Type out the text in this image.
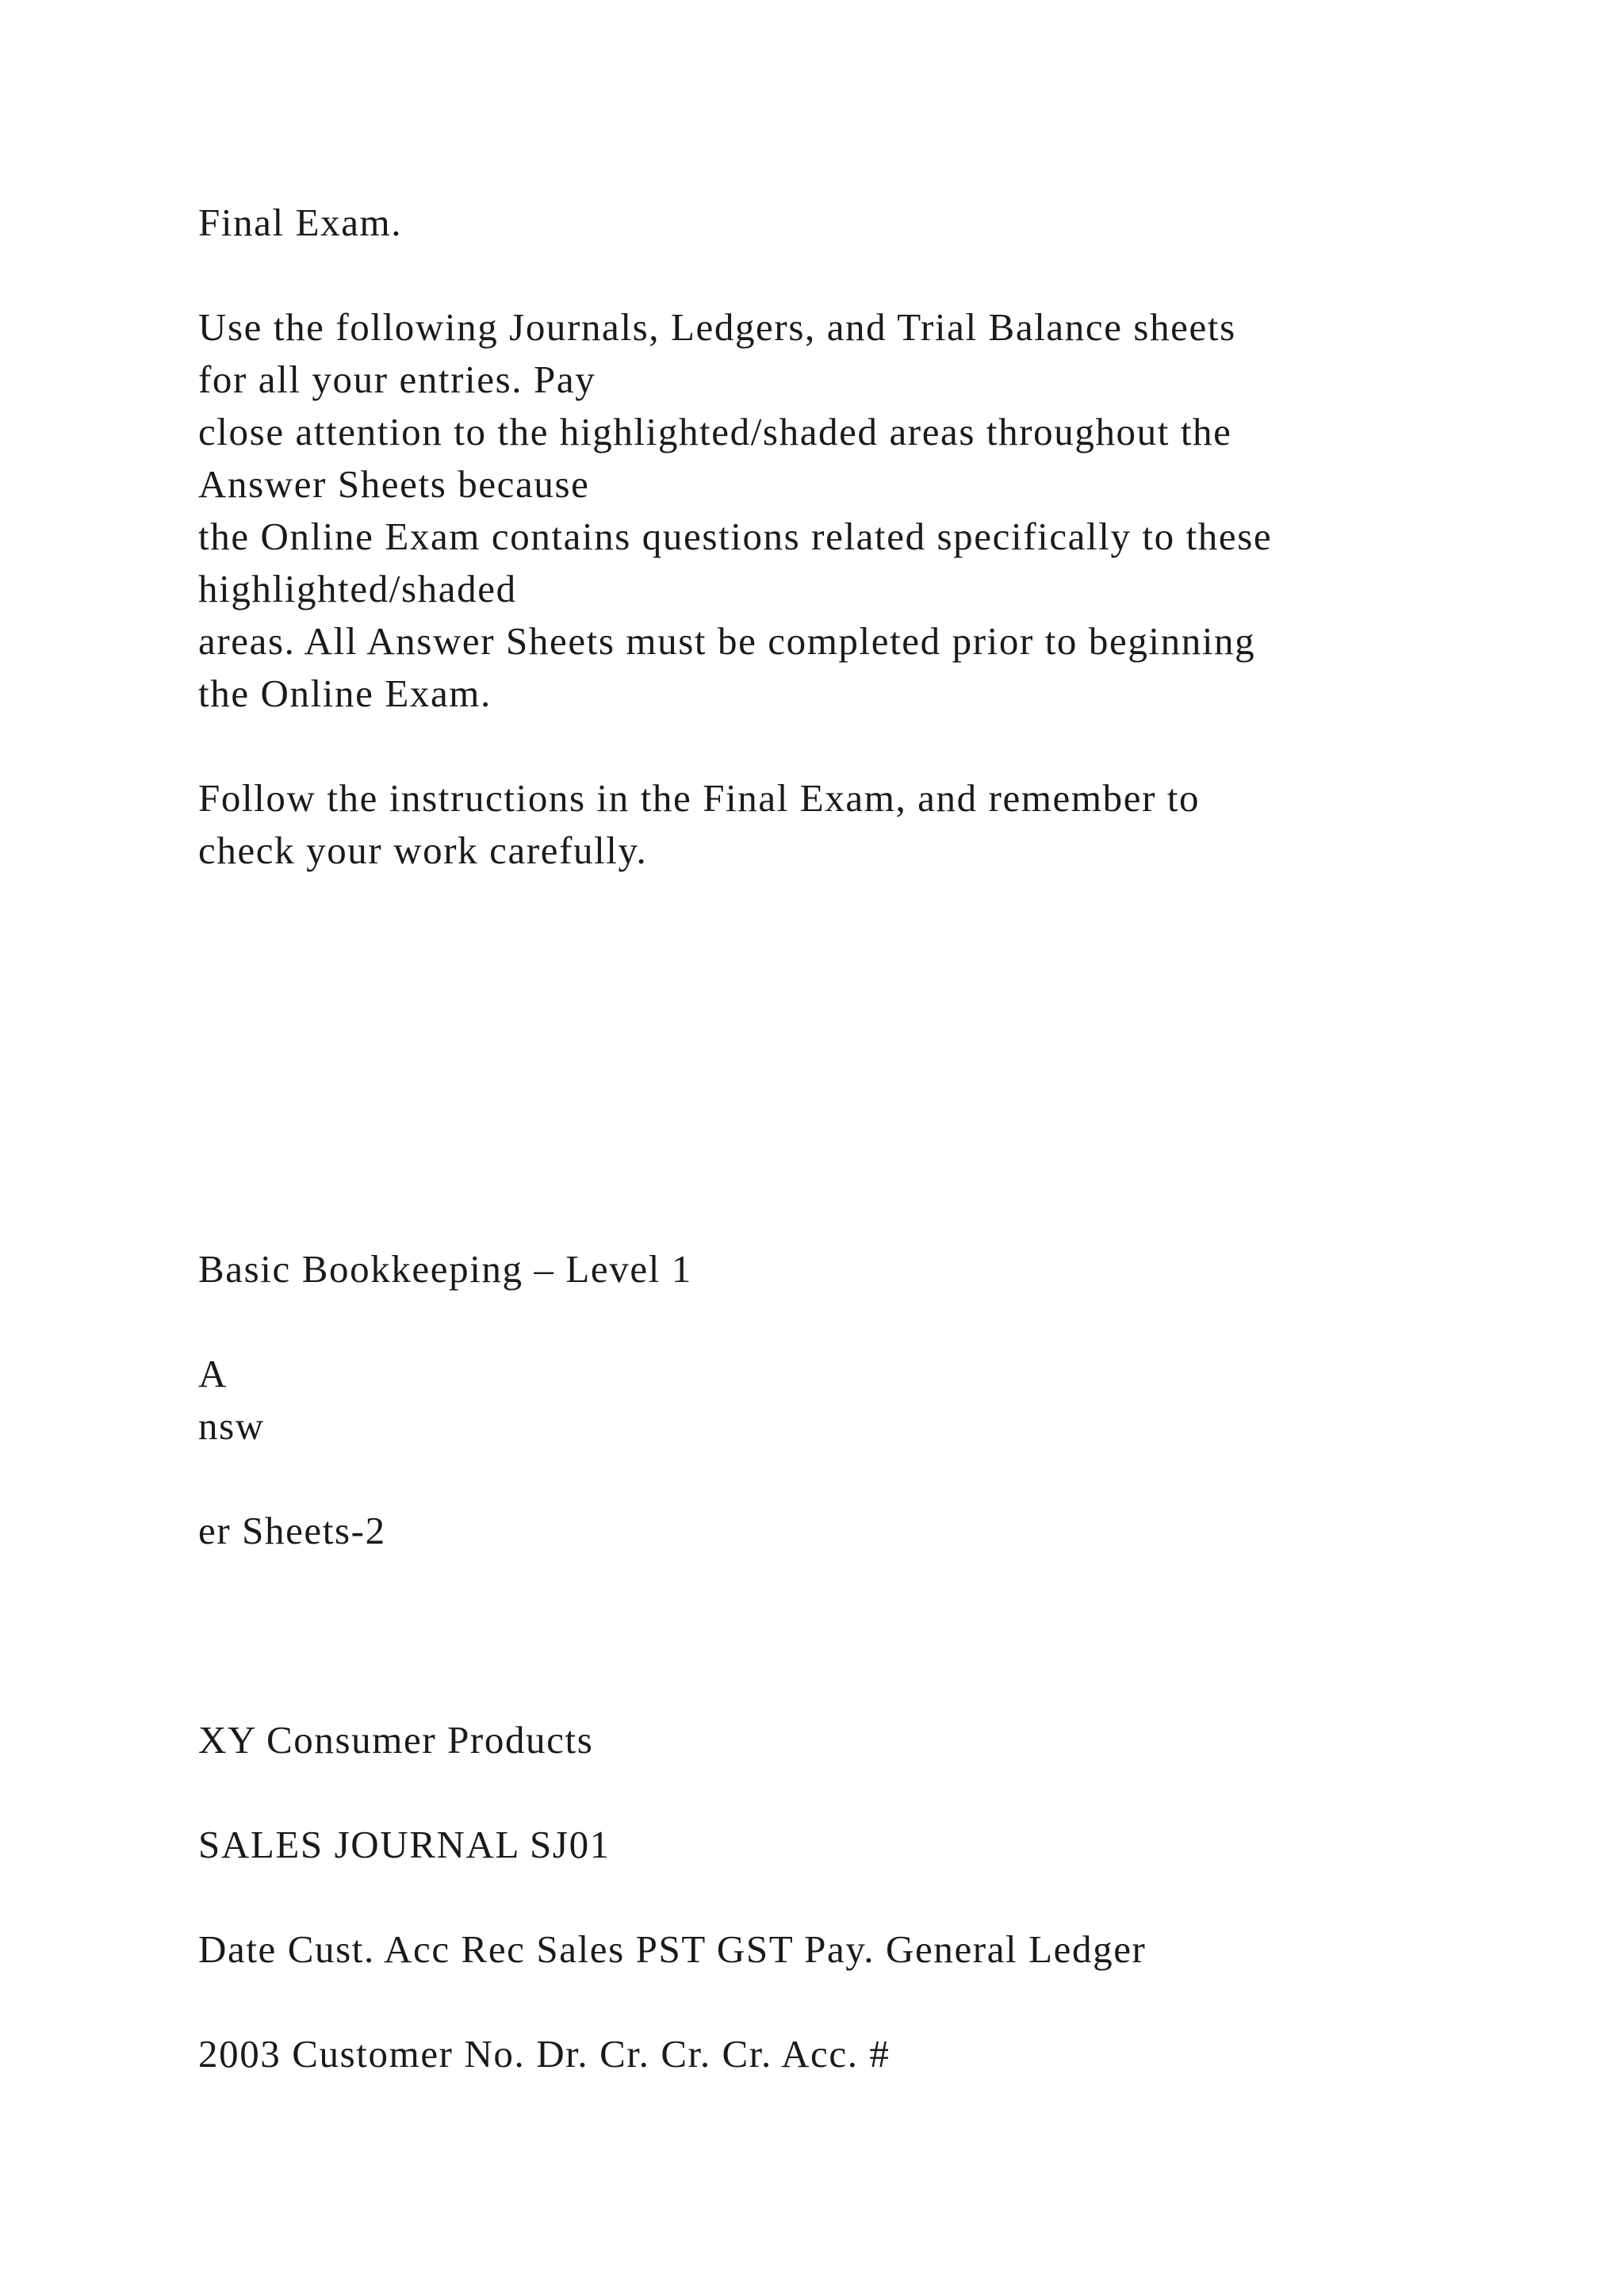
Final Exam.

Use the following Journals, Ledgers, and Trial Balance sheets

for all your entries. Pay

close attention to the highlighted/shaded areas throughout the

Answer Sheets because

the Online Exam contains questions related specifically to these

highlighted/shaded

areas. All Answer Sheets must be completed prior to beginning

the Online Exam.

Follow the instructions in the Final Exam, and remember to

check your work carefully.

Basic Bookkeeping – Level 1

A

nsw

er Sheets-2

XY Consumer Products

SALES JOURNAL SJ01

Date Cust. Acc Rec Sales PST GST Pay. General Ledger

2003 Customer No. Dr. Cr. Cr. Cr. Acc. #
